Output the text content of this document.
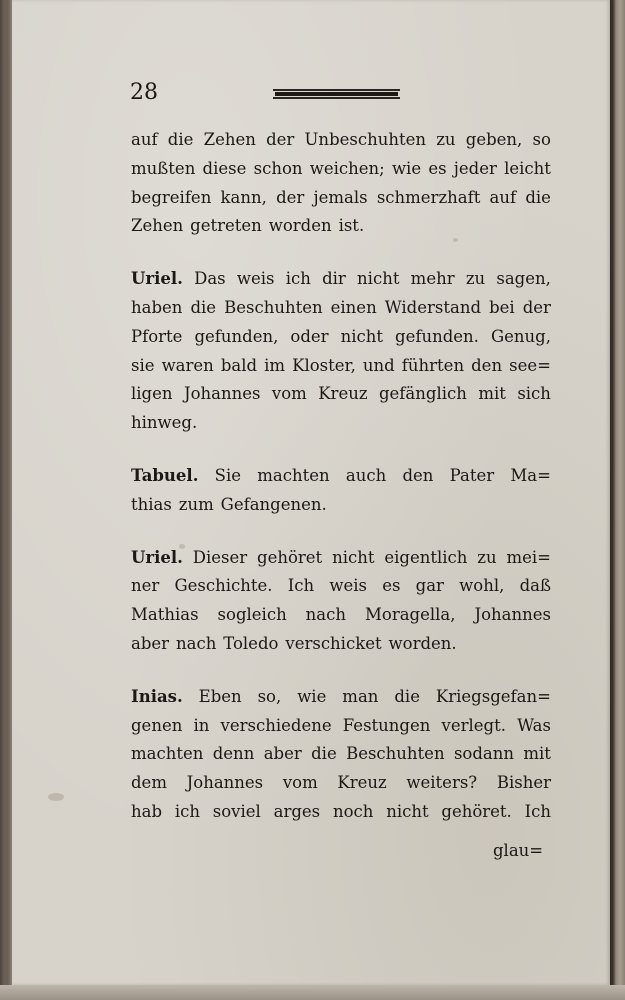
28
auf die Zehen der Unbeschuhten zu geben, so
mußten diese schon weichen; wie es jeder leicht
begreifen kann, der jemals schmerzhaft auf die
Zehen getreten worden ist.
Uriel. Das weis ich dir nicht mehr zu sagen,
haben die Beschuhten einen Widerstand bei der
Pforte gefunden, oder nicht gefunden. Genug,
sie waren bald im Kloster, und führten den see=
ligen Johannes vom Kreuz gefänglich mit sich
hinweg.
Tabuel. Sie machten auch den Pater Ma=
thias zum Gefangenen.
Uriel. Dieser gehöret nicht eigentlich zu mei=
ner Geschichte. Ich weis es gar wohl, daß
Mathias sogleich nach Moragella, Johannes
aber nach Toledo verschicket worden.
Inias. Eben so, wie man die Kriegsgefan=
genen in verschiedene Festungen verlegt. Was
machten denn aber die Beschuhten sodann mit
dem Johannes vom Kreuz weiters? Bisher
hab ich soviel arges noch nicht gehöret. Ich
glau=
